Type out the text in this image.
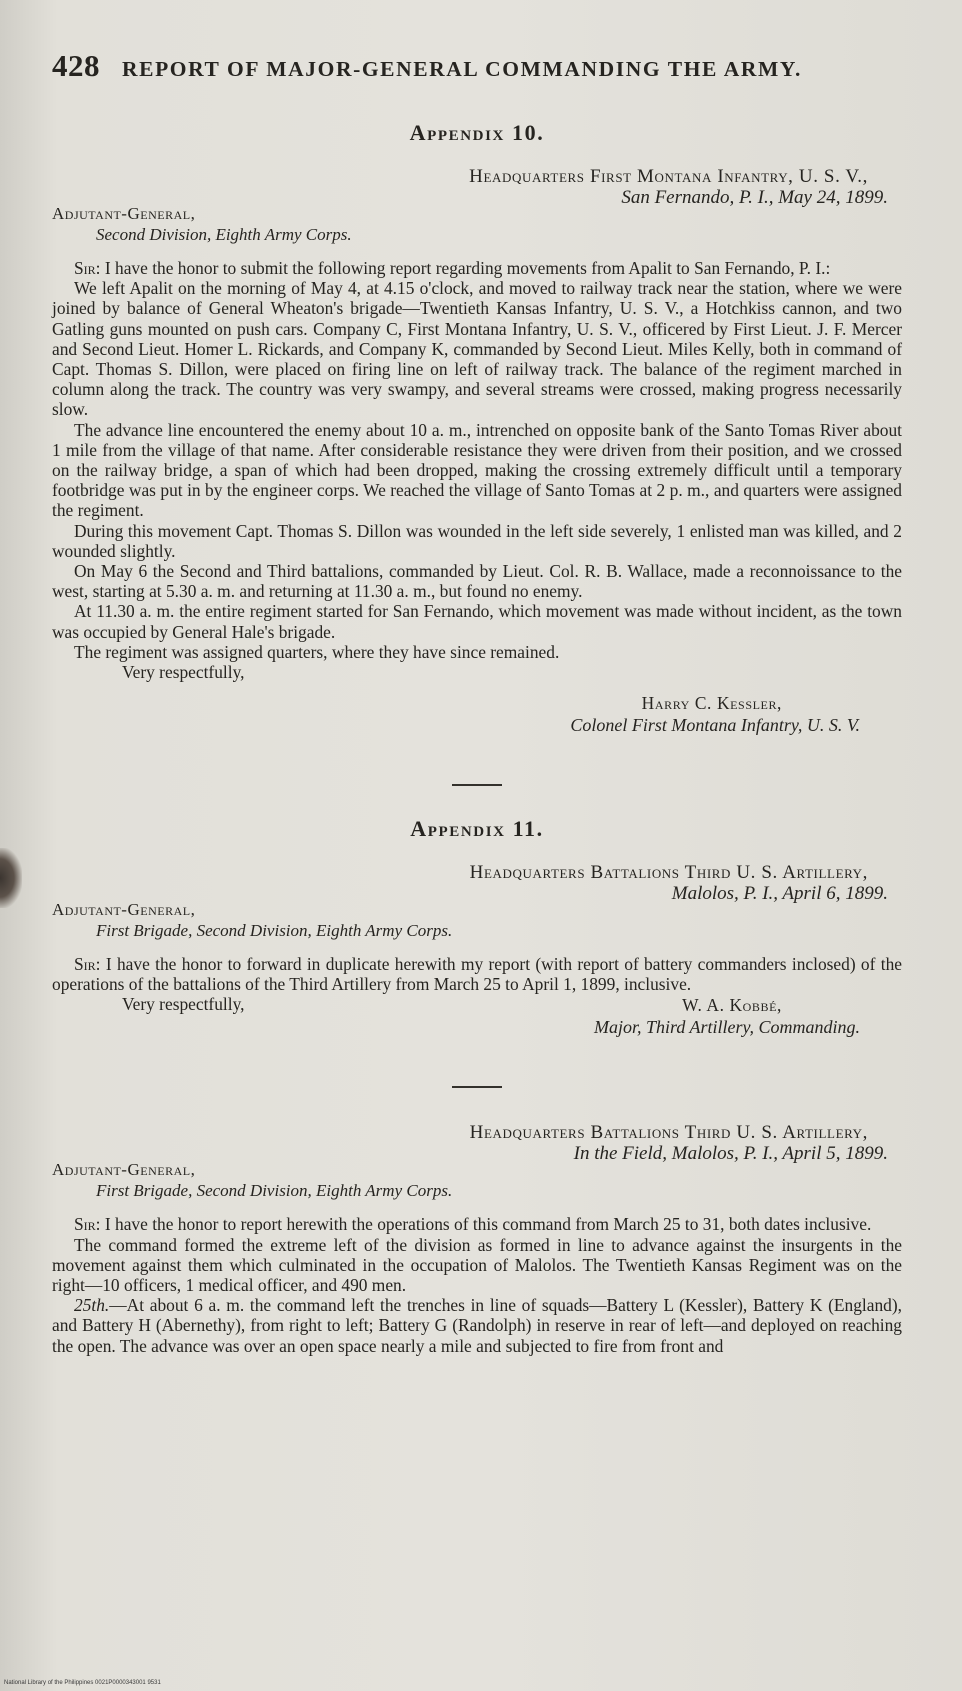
428 REPORT OF MAJOR-GENERAL COMMANDING THE ARMY.
Appendix 10.
Headquarters First Montana Infantry, U. S. V.,
San Fernando, P. I., May 24, 1899.
Adjutant-General,
Second Division, Eighth Army Corps.

Sir: I have the honor to submit the following report regarding movements from Apalit to San Fernando, P. I.:

We left Apalit on the morning of May 4, at 4.15 o'clock, and moved to railway track near the station, where we were joined by balance of General Wheaton's brigade—Twentieth Kansas Infantry, U. S. V., a Hotchkiss cannon, and two Gatling guns mounted on push cars. Company C, First Montana Infantry, U. S. V., officered by First Lieut. J. F. Mercer and Second Lieut. Homer L. Rickards, and Company K, commanded by Second Lieut. Miles Kelly, both in command of Capt. Thomas S. Dillon, were placed on firing line on left of railway track. The balance of the regiment marched in column along the track. The country was very swampy, and several streams were crossed, making progress necessarily slow.

The advance line encountered the enemy about 10 a. m., intrenched on opposite bank of the Santo Tomas River about 1 mile from the village of that name. After considerable resistance they were driven from their position, and we crossed on the railway bridge, a span of which had been dropped, making the crossing extremely difficult until a temporary footbridge was put in by the engineer corps. We reached the village of Santo Tomas at 2 p. m., and quarters were assigned the regiment.

During this movement Capt. Thomas S. Dillon was wounded in the left side severely, 1 enlisted man was killed, and 2 wounded slightly.

On May 6 the Second and Third battalions, commanded by Lieut. Col. R. B. Wallace, made a reconnoissance to the west, starting at 5.30 a. m. and returning at 11.30 a. m., but found no enemy.

At 11.30 a. m. the entire regiment started for San Fernando, which movement was made without incident, as the town was occupied by General Hale's brigade.

The regiment was assigned quarters, where they have since remained.

Very respectfully,
Harry C. Kessler,
Colonel First Montana Infantry, U. S. V.
Appendix 11.
Headquarters Battalions Third U. S. Artillery,
Malolos, P. I., April 6, 1899.
Adjutant-General,
First Brigade, Second Division, Eighth Army Corps.

Sir: I have the honor to forward in duplicate herewith my report (with report of battery commanders inclosed) of the operations of the battalions of the Third Artillery from March 25 to April 1, 1899, inclusive.

Very respectfully,	W. A. Kobbé,
Major, Third Artillery, Commanding.
Headquarters Battalions Third U. S. Artillery,
In the Field, Malolos, P. I., April 5, 1899.
Adjutant-General,
First Brigade, Second Division, Eighth Army Corps.

Sir: I have the honor to report herewith the operations of this command from March 25 to 31, both dates inclusive.

The command formed the extreme left of the division as formed in line to advance against the insurgents in the movement against them which culminated in the occupation of Malolos. The Twentieth Kansas Regiment was on the right—10 officers, 1 medical officer, and 490 men.

25th.—At about 6 a. m. the command left the trenches in line of squads—Battery L (Kessler), Battery K (England), and Battery H (Abernethy), from right to left; Battery G (Randolph) in reserve in rear of left—and deployed on reaching the open. The advance was over an open space nearly a mile and subjected to fire from front and

National Library of the Philippines 0021P0000343001 9531
